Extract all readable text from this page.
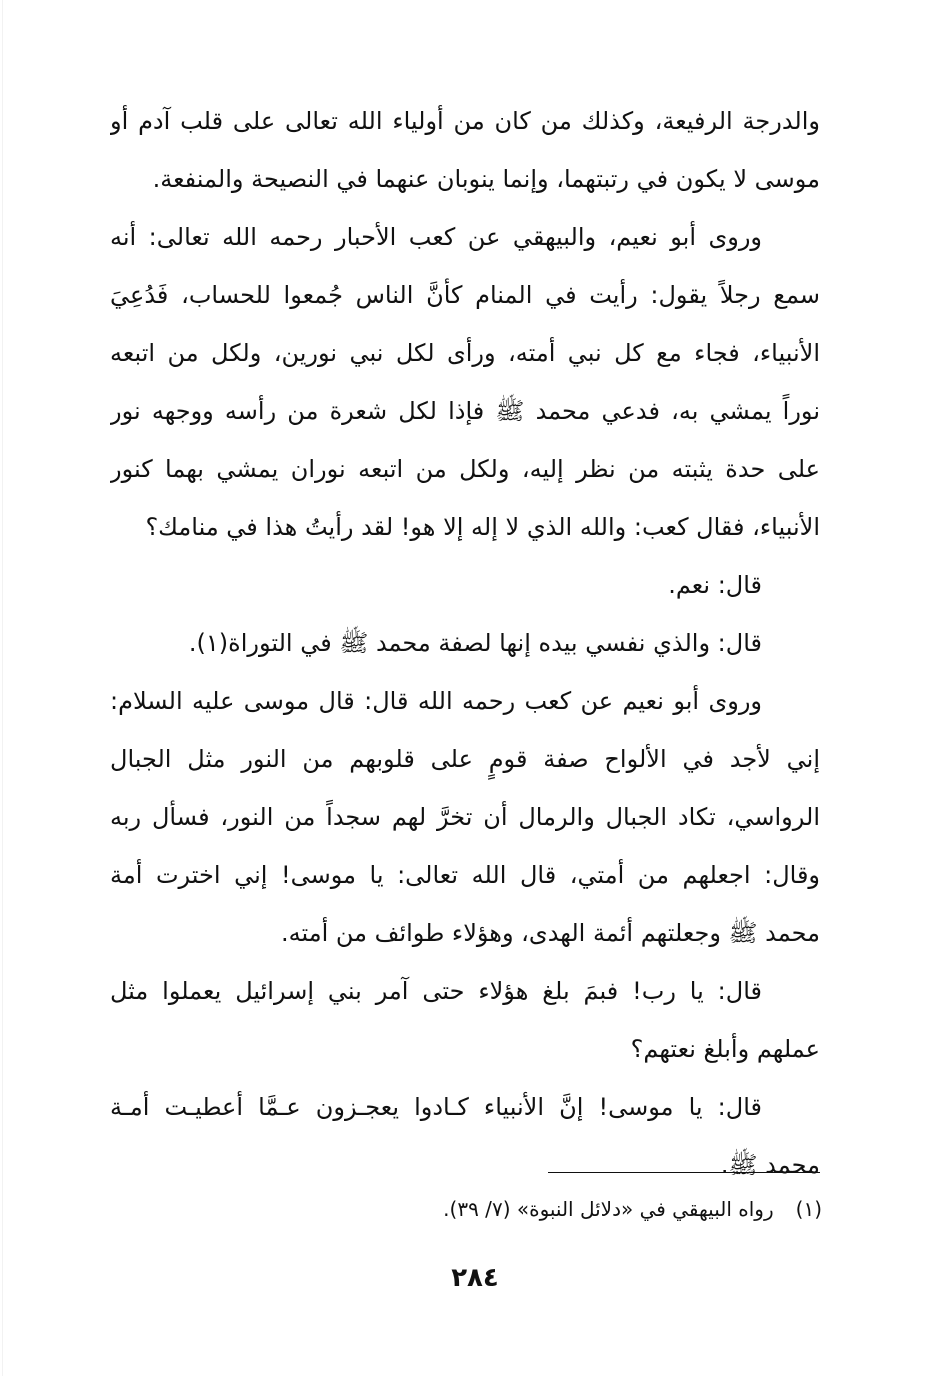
والدرجة الرفيعة، وكذلك من كان من أولياء الله تعالى على قلب آدم أو
موسى لا يكون في رتبتهما، وإنما ينوبان عنهما في النصيحة والمنفعة.
وروى أبو نعيم، والبيهقي عن كعب الأحبار رحمه الله تعالى: أنه
سمع رجلاً يقول: رأيت في المنام كأنَّ الناس جُمعوا للحساب، فَدُعِيَ
الأنبياء، فجاء مع كل نبي أمته، ورأى لكل نبي نورين، ولكل من اتبعه
نوراً يمشي به، فدعي محمد ﷺ فإذا لكل شعرة من رأسه ووجهه نور
على حدة يثبته من نظر إليه، ولكل من اتبعه نوران يمشي بهما كنور
الأنبياء، فقال كعب: والله الذي لا إله إلا هو! لقد رأيتُ هذا في منامك؟
قال: نعم.
قال: والذي نفسي بيده إنها لصفة محمد ﷺ في التوراة(١).
وروى أبو نعيم عن كعب رحمه الله قال: قال موسى عليه السلام:
إني لأجد في الألواح صفة قومٍ على قلوبهم من النور مثل الجبال
الرواسي، تكاد الجبال والرمال أن تخرَّ لهم سجداً من النور، فسأل ربه
وقال: اجعلهم من أمتي، قال الله تعالى: يا موسى! إني اخترت أمة
محمد ﷺ وجعلتهم أئمة الهدى، وهؤلاء طوائف من أمته.
قال: يا رب! فبمَ بلغ هؤلاء حتى آمر بني إسرائيل يعملوا مثل
عملهم وأبلغ نعتهم؟
قال: يا موسى! إنَّ الأنبياء كـادوا يعجـزون عـمَّا أعطيـت أمـة
محمد ﷺ.
(١)رواه البيهقي في «دلائل النبوة» (٧/ ٣٩).
٢٨٤
